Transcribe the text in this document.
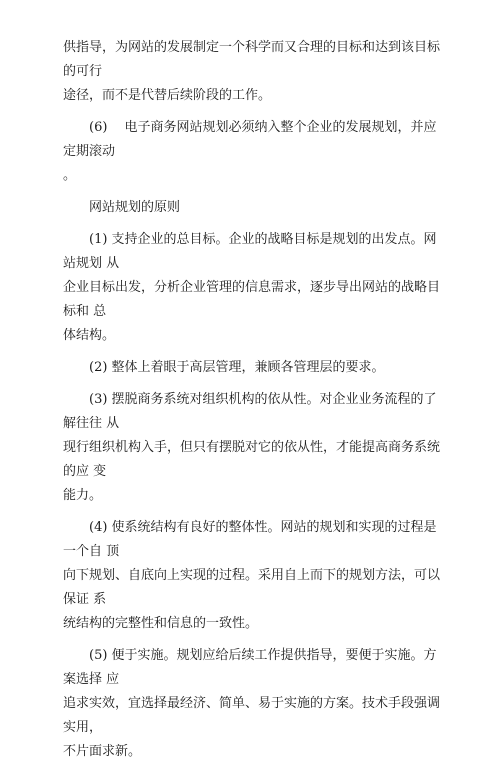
供指导，为网站的发展制定一个科学而又合理的目标和达到该目标的可行
途径，而不是代替后续阶段的工作。

(6)　 电子商务网站规划必须纳入整个企业的发展规划，并应定期滚动
。

网站规划的原则

(1) 支持企业的总目标。企业的战略目标是规划的出发点。网站规划 从
企业目标出发，分析企业管理的信息需求，逐步导出网站的战略目标和 总
体结构。

(2) 整体上着眼于高层管理，兼顾各管理层的要求。

(3) 摆脱商务系统对组织机构的依从性。对企业业务流程的了解往往 从
现行组织机构入手，但只有摆脱对它的依从性，才能提高商务系统的应 变
能力。

(4) 使系统结构有良好的整体性。网站的规划和实现的过程是一个自 顶
向下规划、自底向上实现的过程。采用自上而下的规划方法，可以保证 系
统结构的完整性和信息的一致性。

(5) 便于实施。规划应给后续工作提供指导，要便于实施。方案选择 应
追求实效，宜选择最经济、简单、易于实施的方案。技术手段强调实用，
不片面求新。
